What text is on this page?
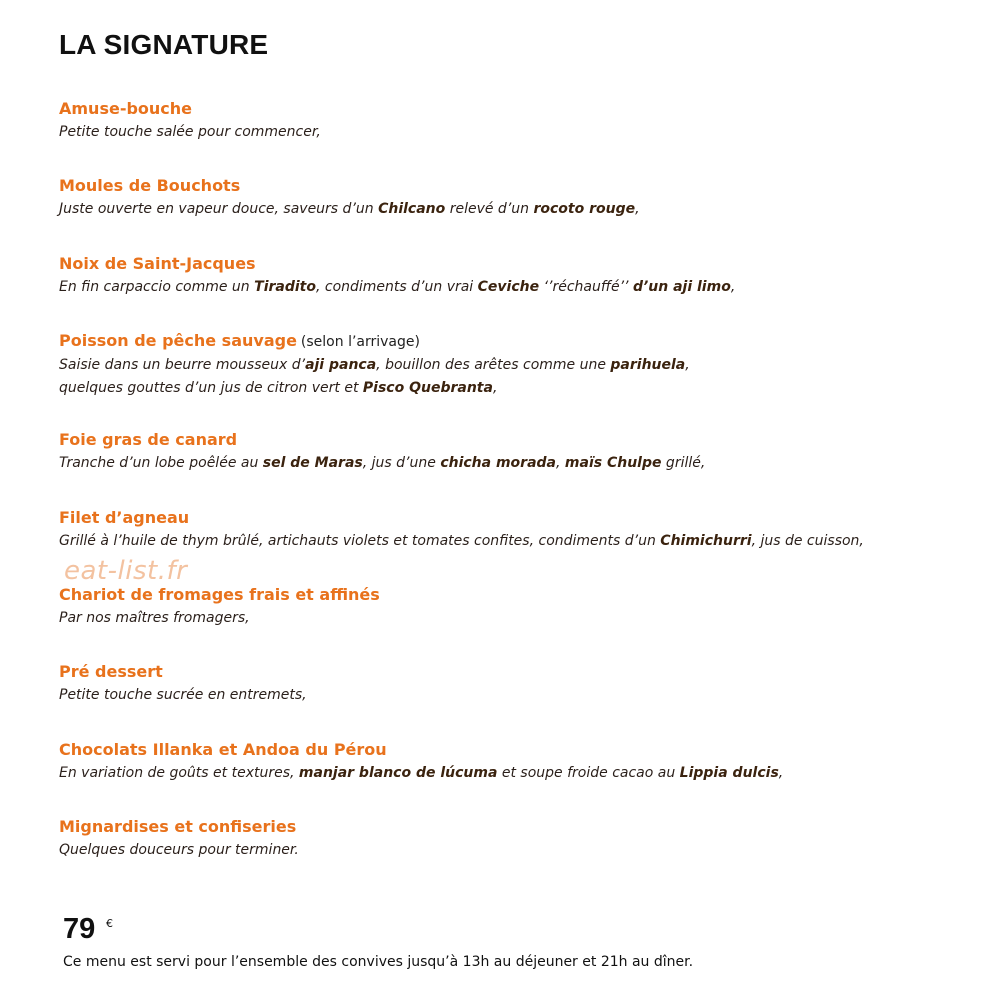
LA SIGNATURE
Amuse-bouche
Petite touche salée pour commencer,
Moules de Bouchots
Juste ouverte en vapeur douce, saveurs d’un Chilcano relevé d’un rocoto rouge,
Noix de Saint-Jacques
En fin carpaccio comme un Tiradito, condiments d’un vrai Ceviche ‘’réchauffé’’ d’un aji limo,
Poisson de pêche sauvage (selon l’arrivage)
Saisie dans un beurre mousseux d’aji panca, bouillon des arêtes comme une parihuela,
quelques gouttes d’un jus de citron vert et Pisco Quebranta,
Foie gras de canard
Tranche d’un lobe poêlée au sel de Maras, jus d’une chicha morada, maïs Chulpe grillé,
Filet d’agneau
Grillé à l’huile de thym brûlé, artichauts violets et tomates confites, condiments d’un Chimichurri, jus de cuisson,
Chariot de fromages frais et affinés
Par nos maîtres fromagers,
Pré dessert
Petite touche sucrée en entremets,
Chocolats Illanka et Andoa du Pérou
En variation de goûts et textures, manjar blanco de lúcuma et soupe froide cacao au Lippia dulcis,
Mignardises et confiseries
Quelques douceurs pour terminer.
eat-list.fr
79 €
Ce menu est servi pour l’ensemble des convives jusqu’à 13h au déjeuner et 21h au dîner.
